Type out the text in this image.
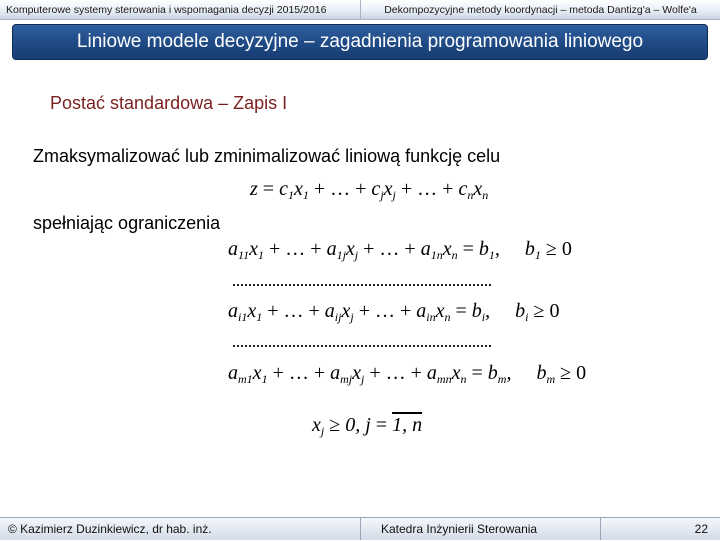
Komputerowe systemy sterowania i wspomagania decyzji 2015/2016	Dekompozycyjne metody koordynacji – metoda Dantizg'a – Wolfe'a
Liniowe modele decyzyjne – zagadnienia programowania liniowego
Postać standardowa – Zapis I
Zmaksymalizować lub zminimalizować liniową funkcję celu
$z = c_1x_1$ + … + $c_jx_j$ + … + $c_nx_n$
spełniając ograniczenia
$a_{11}x_1$ + … + $a_{1j}x_j$ + … + $a_{1n}x_n = b_1$,     $b_1 \ge 0$
$a_{i1}x_1$ + … + $a_{ij}x_j$ + … + $a_{in}x_n = b_i$,     $b_i \ge 0$
$a_{m1}x_1$ + … + $a_{mj}x_j$ + … + $a_{mn}x_n = b_m$,     $b_m \ge 0$
$x_j \ge 0$, j = 1, n
© Kazimierz Duzinkiewicz, dr hab. inż.	Katedra Inżynierii Sterowania	22
